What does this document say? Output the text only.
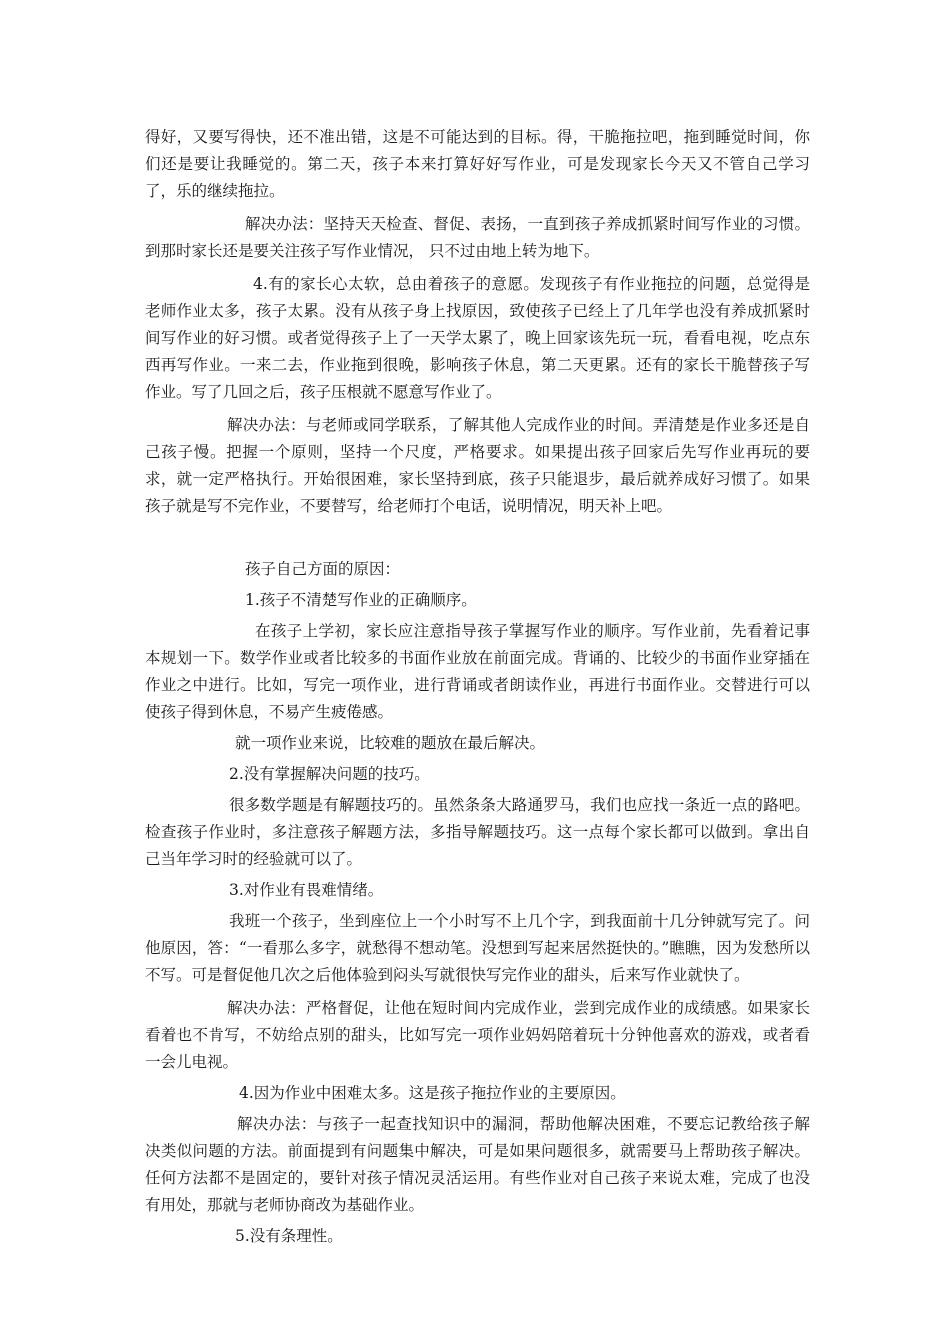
得好，又要写得快，还不准出错，这是不可能达到的目标。得，干脆拖拉吧，拖到睡觉时间，你们还是要让我睡觉的。第二天，孩子本来打算好好写作业，可是发现家长今天又不管自己学习了，乐的继续拖拉。

解决办法：坚持天天检查、督促、表扬，一直到孩子养成抓紧时间写作业的习惯。到那时家长还是要关注孩子写作业情况， 只不过由地上转为地下。

4.有的家长心太软，总由着孩子的意愿。发现孩子有作业拖拉的问题，总觉得是老师作业太多，孩子太累。没有从孩子身上找原因，致使孩子已经上了几年学也没有养成抓紧时间写作业的好习惯。或者觉得孩子上了一天学太累了，晚上回家该先玩一玩，看看电视，吃点东西再写作业。一来二去，作业拖到很晚，影响孩子休息，第二天更累。还有的家长干脆替孩子写作业。写了几回之后，孩子压根就不愿意写作业了。

解决办法：与老师或同学联系，了解其他人完成作业的时间。弄清楚是作业多还是自己孩子慢。把握一个原则，坚持一个尺度，严格要求。如果提出孩子回家后先写作业再玩的要求，就一定严格执行。开始很困难，家长坚持到底，孩子只能退步，最后就养成好习惯了。如果孩子就是写不完作业，不要替写，给老师打个电话，说明情况，明天补上吧。

孩子自己方面的原因：

1.孩子不清楚写作业的正确顺序。

在孩子上学初，家长应注意指导孩子掌握写作业的顺序。写作业前，先看着记事本规划一下。数学作业或者比较多的书面作业放在前面完成。背诵的、比较少的书面作业穿插在作业之中进行。比如，写完一项作业，进行背诵或者朗读作业，再进行书面作业。交替进行可以使孩子得到休息，不易产生疲倦感。

就一项作业来说，比较难的题放在最后解决。

2.没有掌握解决问题的技巧。

很多数学题是有解题技巧的。虽然条条大路通罗马，我们也应找一条近一点的路吧。检查孩子作业时，多注意孩子解题方法，多指导解题技巧。这一点每个家长都可以做到。拿出自己当年学习时的经验就可以了。

3.对作业有畏难情绪。

我班一个孩子，坐到座位上一个小时写不上几个字，到我面前十几分钟就写完了。问他原因，答：“一看那么多字，就愁得不想动笔。没想到写起来居然挺快的。”瞧瞧，因为发愁所以不写。可是督促他几次之后他体验到闷头写就很快写完作业的甜头，后来写作业就快了。

解决办法：严格督促，让他在短时间内完成作业，尝到完成作业的成绩感。如果家长看着也不肯写，不妨给点别的甜头，比如写完一项作业妈妈陪着玩十分钟他喜欢的游戏，或者看一会儿电视。

4.因为作业中困难太多。这是孩子拖拉作业的主要原因。

解决办法：与孩子一起查找知识中的漏洞，帮助他解决困难，不要忘记教给孩子解决类似问题的方法。前面提到有问题集中解决，可是如果问题很多，就需要马上帮助孩子解决。任何方法都不是固定的，要针对孩子情况灵活运用。有些作业对自己孩子来说太难，完成了也没有用处，那就与老师协商改为基础作业。

5.没有条理性。
